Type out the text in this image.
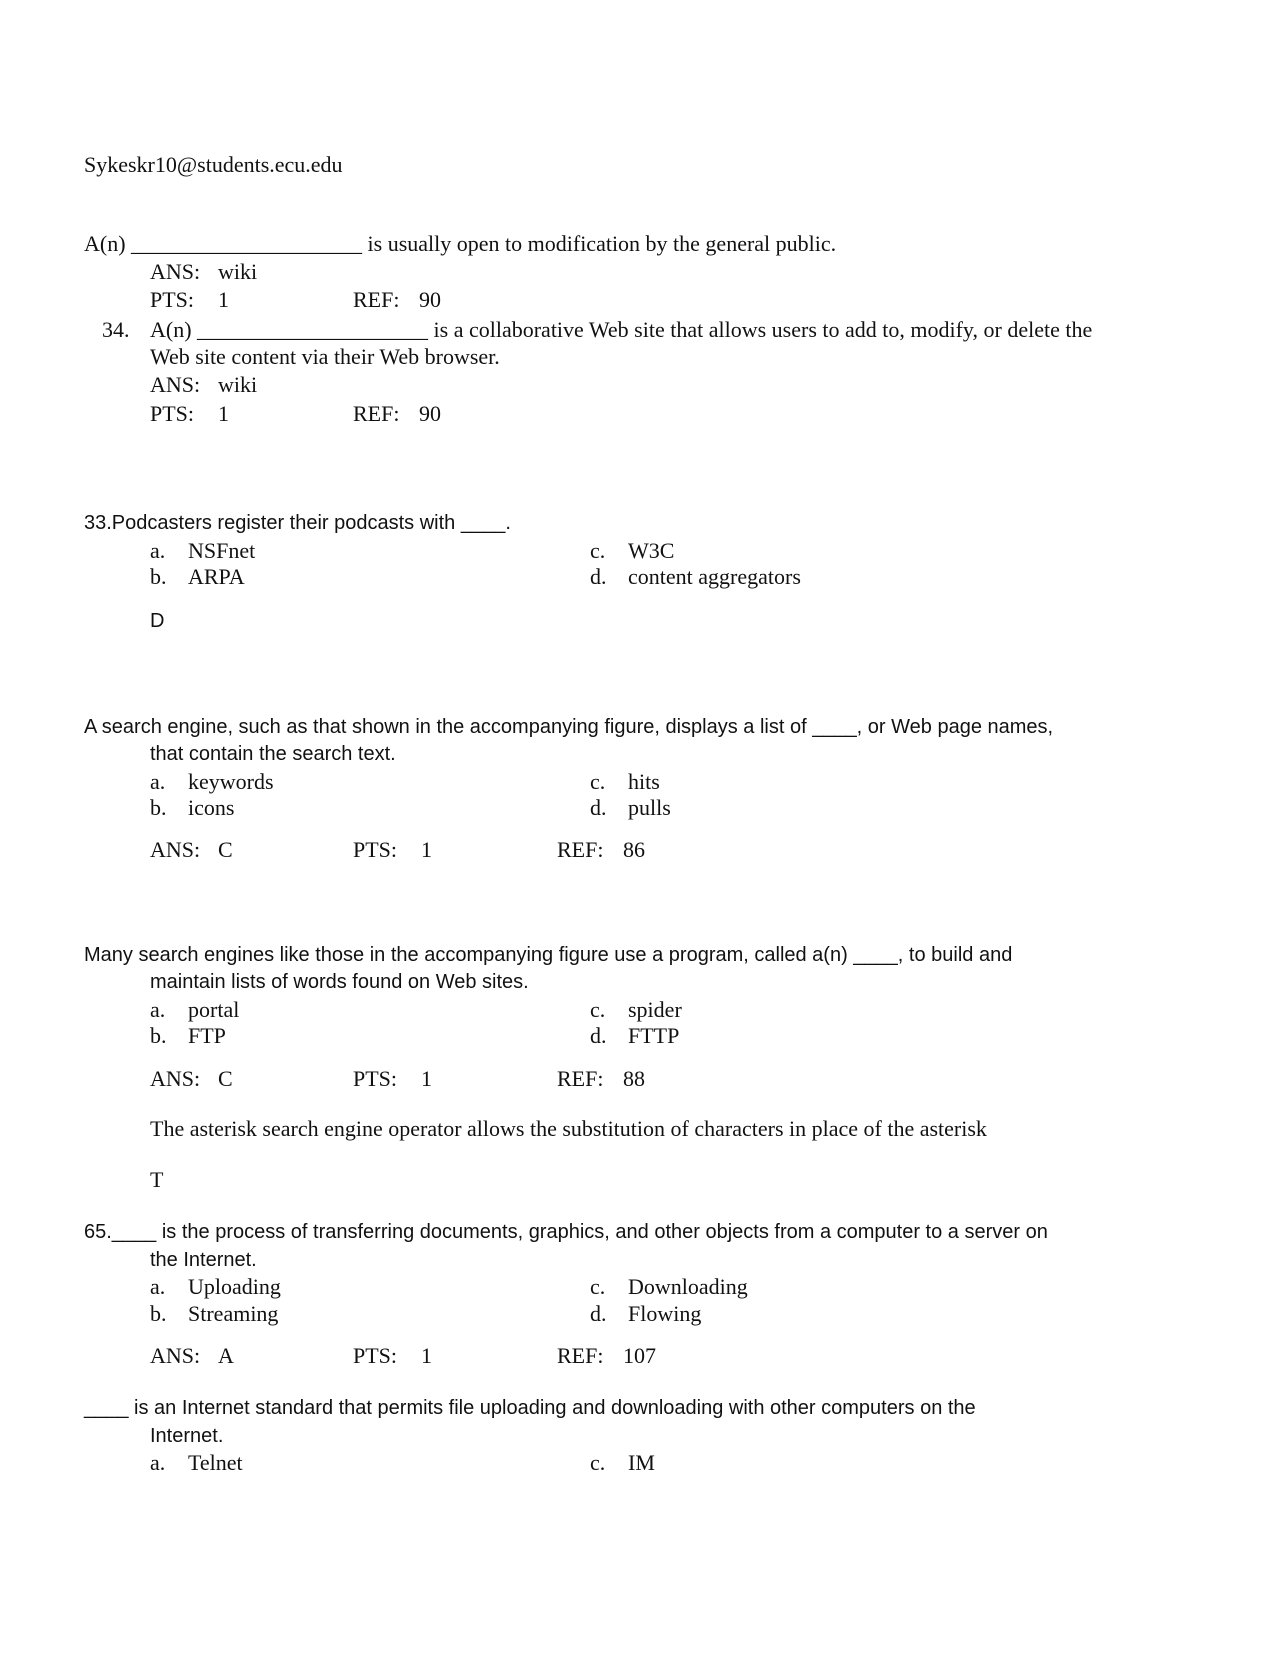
Sykeskr10@students.ecu.edu
A(n) _____________________ is usually open to modification by the general public.
ANS: wiki
PTS: 1	REF: 90
34. A(n) _____________________ is a collaborative Web site that allows users to add to, modify, or delete the
Web site content via their Web browser.
ANS: wiki
PTS: 1	REF: 90
33.Podcasters register their podcasts with ____.
a. NSFnet
b. ARPA
c. W3C
d. content aggregators
D
A search engine, such as that shown in the accompanying figure, displays a list of ____, or Web page names,
that contain the search text.
a. keywords
b. icons
c. hits
d. pulls
ANS: C	PTS: 1	REF: 86
Many search engines like those in the accompanying figure use a program, called a(n) ____, to build and
maintain lists of words found on Web sites.
a. portal
b. FTP
c. spider
d. FTTP
ANS: C	PTS: 1	REF: 88
The asterisk search engine operator allows the substitution of characters in place of the asterisk
T
65.____ is the process of transferring documents, graphics, and other objects from a computer to a server on
the Internet.
a. Uploading
b. Streaming
c. Downloading
d. Flowing
ANS: A	PTS: 1	REF: 107
____ is an Internet standard that permits file uploading and downloading with other computers on the
Internet.
a. Telnet	c. IM
